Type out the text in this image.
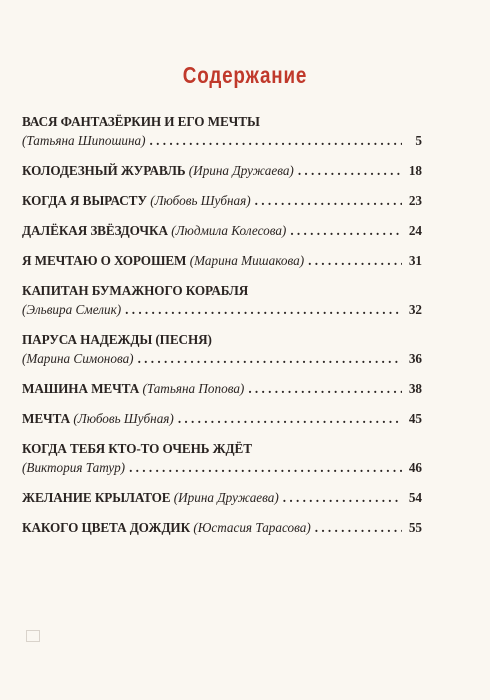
Содержание
ВАСЯ ФАНТАЗЁРКИН И ЕГО МЕЧТЫ
(Татьяна Шипошина) . . .	5
КОЛОДЕЗНЫЙ ЖУРАВЛЬ
(Ирина Дружаева) . . .	18
КОГДА Я ВЫРАСТУ
(Любовь Шубная) . . .	23
ДАЛЁКАЯ ЗВЁЗДОЧКА
(Людмила Колесова) . . .	24
Я МЕЧТАЮ О ХОРОШЕМ
(Марина Мишакова) . . .	31
КАПИТАН БУМАЖНОГО КОРАБЛЯ
(Эльвира Смелик) . . .	32
ПАРУСА НАДЕЖДЫ (ПЕСНЯ)
(Марина Симонова) . . .	36
МАШИНА МЕЧТА
(Татьяна Попова) . . .	38
МЕЧТА
(Любовь Шубная) . . .	45
КОГДА ТЕБЯ КТО-ТО ОЧЕНЬ ЖДЁТ
(Виктория Татур) . . .	46
ЖЕЛАНИЕ КРЫЛАТОЕ
(Ирина Дружаева) . . .	54
КАКОГО ЦВЕТА ДОЖДИК
(Юстасия Тарасова) . . .	55
